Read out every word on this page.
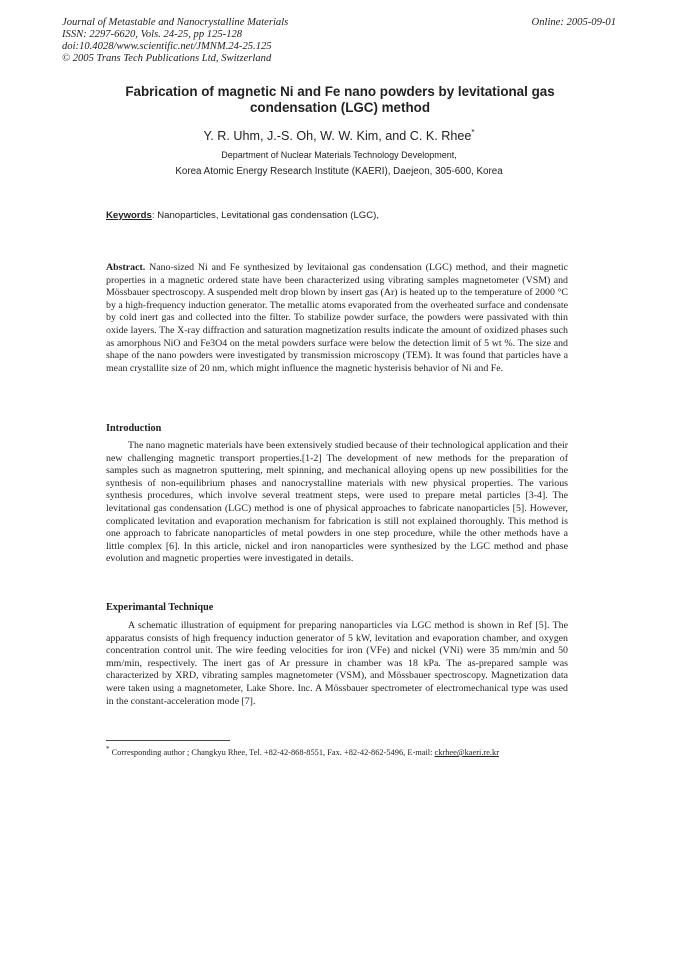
Journal of Metastable and Nanocrystalline Materials
ISSN: 2297-6620, Vols. 24-25, pp 125-128
doi:10.4028/www.scientific.net/JMNM.24-25.125
© 2005 Trans Tech Publications Ltd, Switzerland
Online: 2005-09-01
Fabrication of magnetic Ni and Fe nano powders by levitational gas condensation (LGC) method
Y. R. Uhm, J.-S. Oh, W. W. Kim, and C. K. Rhee*
Department of Nuclear Materials Technology Development,
Korea Atomic Energy Research Institute (KAERI), Daejeon, 305-600, Korea
Keywords: Nanoparticles, Levitational gas condensation (LGC),

Abstract. Nano-sized Ni and Fe synthesized by levitaional gas condensation (LGC) method, and their magnetic properties in a magnetic ordered state have been characterized using vibrating samples magnetometer (VSM) and Mössbauer spectroscopy. A suspended melt drop blown by insert gas (Ar) is heated up to the temperature of 2000 °C by a high-frequency induction generator. The metallic atoms evaporated from the overheated surface and condensate by cold inert gas and collected into the filter. To stabilize powder surface, the powders were passivated with thin oxide layers. The X-ray diffraction and saturation magnetization results indicate the amount of oxidized phases such as amorphous NiO and Fe3O4 on the metal powders surface were below the detection limit of 5 wt %. The size and shape of the nano powders were investigated by transmission microscopy (TEM). It was found that particles have a mean crystallite size of 20 nm, which might influence the magnetic hysterisis behavior of Ni and Fe.

Introduction

The nano magnetic materials have been extensively studied because of their technological application and their new challenging magnetic transport properties.[1-2] The development of new methods for the preparation of samples such as magnetron sputtering, melt spinning, and mechanical alloying opens up new possibilities for the synthesis of non-equilibrium phases and nanocrystalline materials with new physical properties. The various synthesis procedures, which involve several treatment steps, were used to prepare metal particles [3-4]. The levitational gas condensation (LGC) method is one of physical approaches to fabricate nanoparticles [5]. However, complicated levitation and evaporation mechanism for fabrication is still not explained thoroughly. This method is one approach to fabricate nanoparticles of metal powders in one step procedure, while the other methods have a little complex [6]. In this article, nickel and iron nanoparticles were synthesized by the LGC method and phase evolution and magnetic properties were investigated in details.

Experimantal Technique

A schematic illustration of equipment for preparing nanoparticles via LGC method is shown in Ref [5]. The apparatus consists of high frequency induction generator of 5 kW, levitation and evaporation chamber, and oxygen concentration control unit. The wire feeding velocities for iron (VFe) and nickel (VNi) were 35 mm/min and 50 mm/min, respectively. The inert gas of Ar pressure in chamber was 18 kPa. The as-prepared sample was characterized by XRD, vibrating samples magnetometer (VSM), and Mössbauer spectroscopy. Magnetization data were taken using a magnetometer, Lake Shore. Inc. A Mössbauer spectrometer of electromechanical type was used in the constant-acceleration mode [7].

* Corresponding author ; Changkyu Rhee, Tel. +82-42-868-8551, Fax. +82-42-862-5496, E-mail: ckrhee@kaeri.re.kr
